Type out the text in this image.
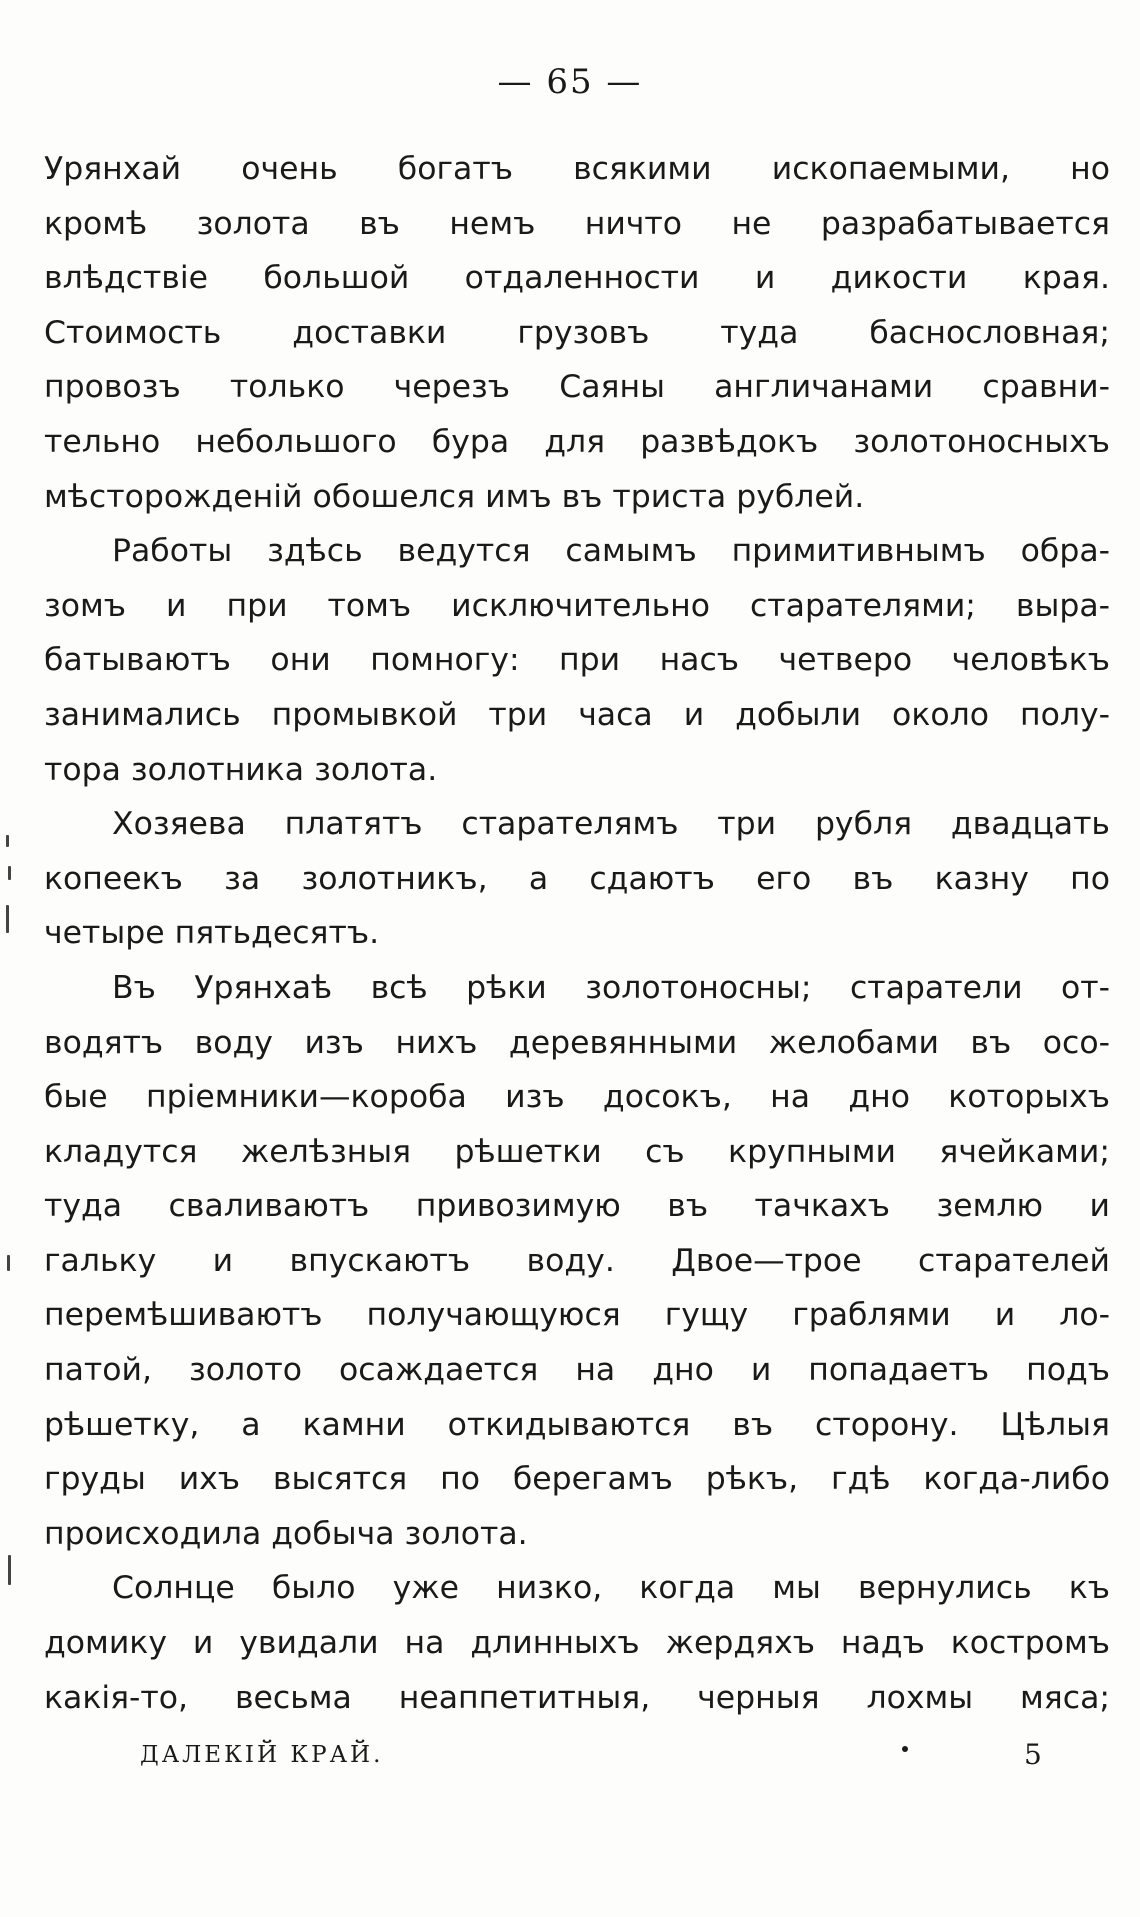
— 65 —
Урянхай очень богатъ всякими ископаемыми, но
кромѣ золота въ немъ ничто не разрабатывается
влѣдствіе большой отдаленности и дикости края.
Стоимость доставки грузовъ туда баснословная;
провозъ только черезъ Саяны англичанами сравни-
тельно небольшого бура для развѣдокъ золотоносныхъ
мѣсторожденій обошелся имъ въ триста рублей.
Работы здѣсь ведутся самымъ примитивнымъ обра-
зомъ и при томъ исключительно старателями; выра-
батываютъ они помногу: при насъ четверо человѣкъ
занимались промывкой три часа и добыли около полу-
тора золотника золота.
Хозяева платятъ старателямъ три рубля двадцать
копеекъ за золотникъ, а сдаютъ его въ казну по
четыре пятьдесятъ.
Въ Урянхаѣ всѣ рѣки золотоносны; старатели от-
водятъ воду изъ нихъ деревянными желобами въ осо-
бые пріемники—короба изъ досокъ, на дно которыхъ
кладутся желѣзныя рѣшетки съ крупными ячейками;
туда сваливаютъ привозимую въ тачкахъ землю и
гальку и впускаютъ воду. Двое—трое старателей
перемѣшиваютъ получающуюся гущу граблями и ло-
патой, золото осаждается на дно и попадаетъ подъ
рѣшетку, а камни откидываются въ сторону. Цѣлыя
груды ихъ высятся по берегамъ рѣкъ, гдѣ когда-либо
происходила добыча золота.
Солнце было уже низко, когда мы вернулись къ
домику и увидали на длинныхъ жердяхъ надъ костромъ
какія-то, весьма неаппетитныя, черныя лохмы мяса;
ДАЛЕКІЙ КРАЙ.	5
